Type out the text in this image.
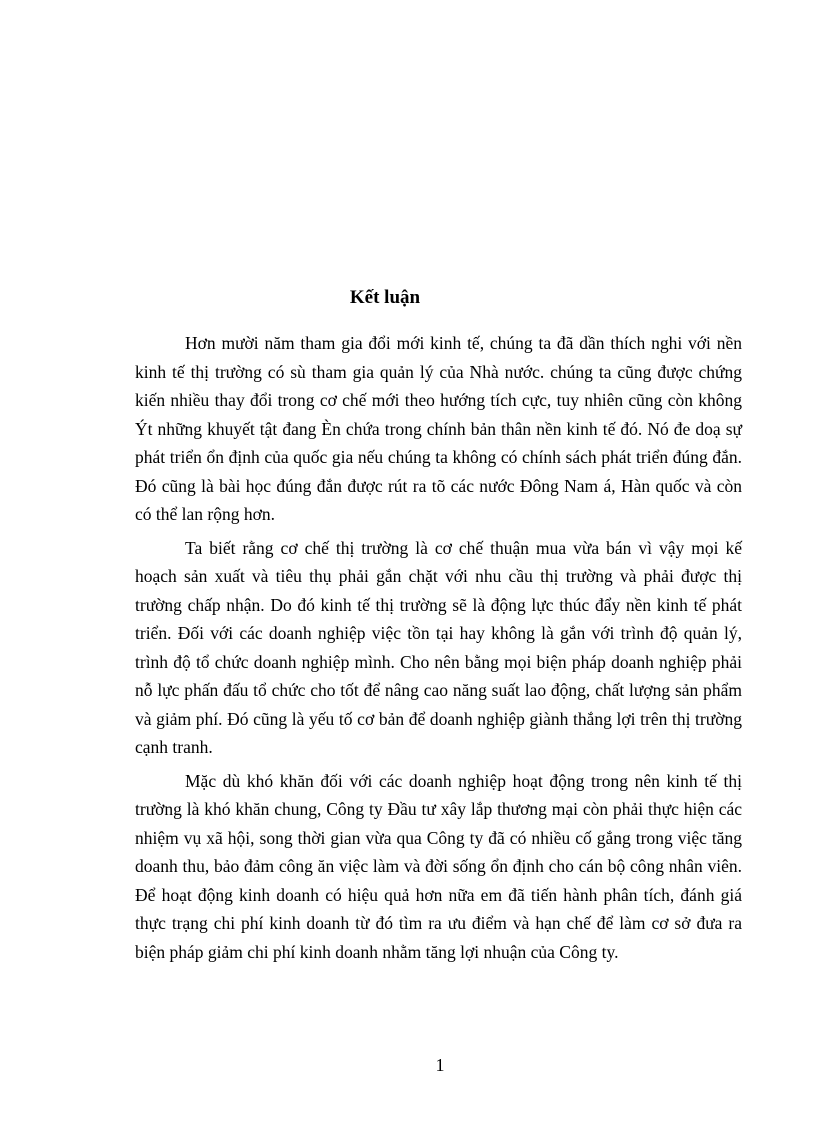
Kết luận

Hơn mười năm tham gia đổi mới kinh tế, chúng ta đã dần thích nghi với nền kinh tế thị trường có sù tham gia quản lý của Nhà nước. chúng ta cũng được chứng kiến nhiều thay đổi trong cơ chế mới theo hướng tích cực, tuy nhiên cũng còn không Ýt những khuyết tật đang Èn chứa trong chính bản thân nền kinh tế đó. Nó đe doạ sự phát triển ổn định của quốc gia nếu chúng ta không có chính sách phát triển đúng đắn. Đó cũng là bài học đúng đắn được rút ra tõ các nước Đông Nam á, Hàn quốc và còn có thể lan rộng hơn.

Ta biết rằng cơ chế thị trường là cơ chế thuận mua vừa bán vì vậy mọi kế hoạch sản xuất và tiêu thụ phải gắn chặt với nhu cầu thị trường và phải được thị trường chấp nhận. Do đó kinh tế thị trường sẽ là động lực thúc đẩy nền kinh tế phát triển. Đối với các doanh nghiệp việc tồn tại hay không là gắn với trình độ quản lý, trình độ tổ chức doanh nghiệp mình. Cho nên bằng mọi biện pháp doanh nghiệp phải nỗ lực phấn đấu tổ chức cho tốt để nâng cao năng suất lao động, chất lượng sản phẩm và giảm phí. Đó cũng là yếu tố cơ bản để doanh nghiệp giành thắng lợi trên thị trường cạnh tranh.

Mặc dù khó khăn đối với các doanh nghiệp hoạt động trong nên kinh tế thị trường là khó khăn chung, Công ty Đầu tư xây lắp thương mại còn phải thực hiện các nhiệm vụ xã hội, song thời gian vừa qua Công ty đã có nhiều cố gắng trong việc tăng doanh thu, bảo đảm công ăn việc làm và đời sống ổn định cho cán bộ công nhân viên. Để hoạt động kinh doanh có hiệu quả hơn nữa em đã tiến hành phân tích, đánh giá thực trạng chi phí kinh doanh từ đó tìm ra ưu điểm và hạn chế để làm cơ sở đưa ra biện pháp giảm chi phí kinh doanh nhằm tăng lợi nhuận của Công ty.

1
